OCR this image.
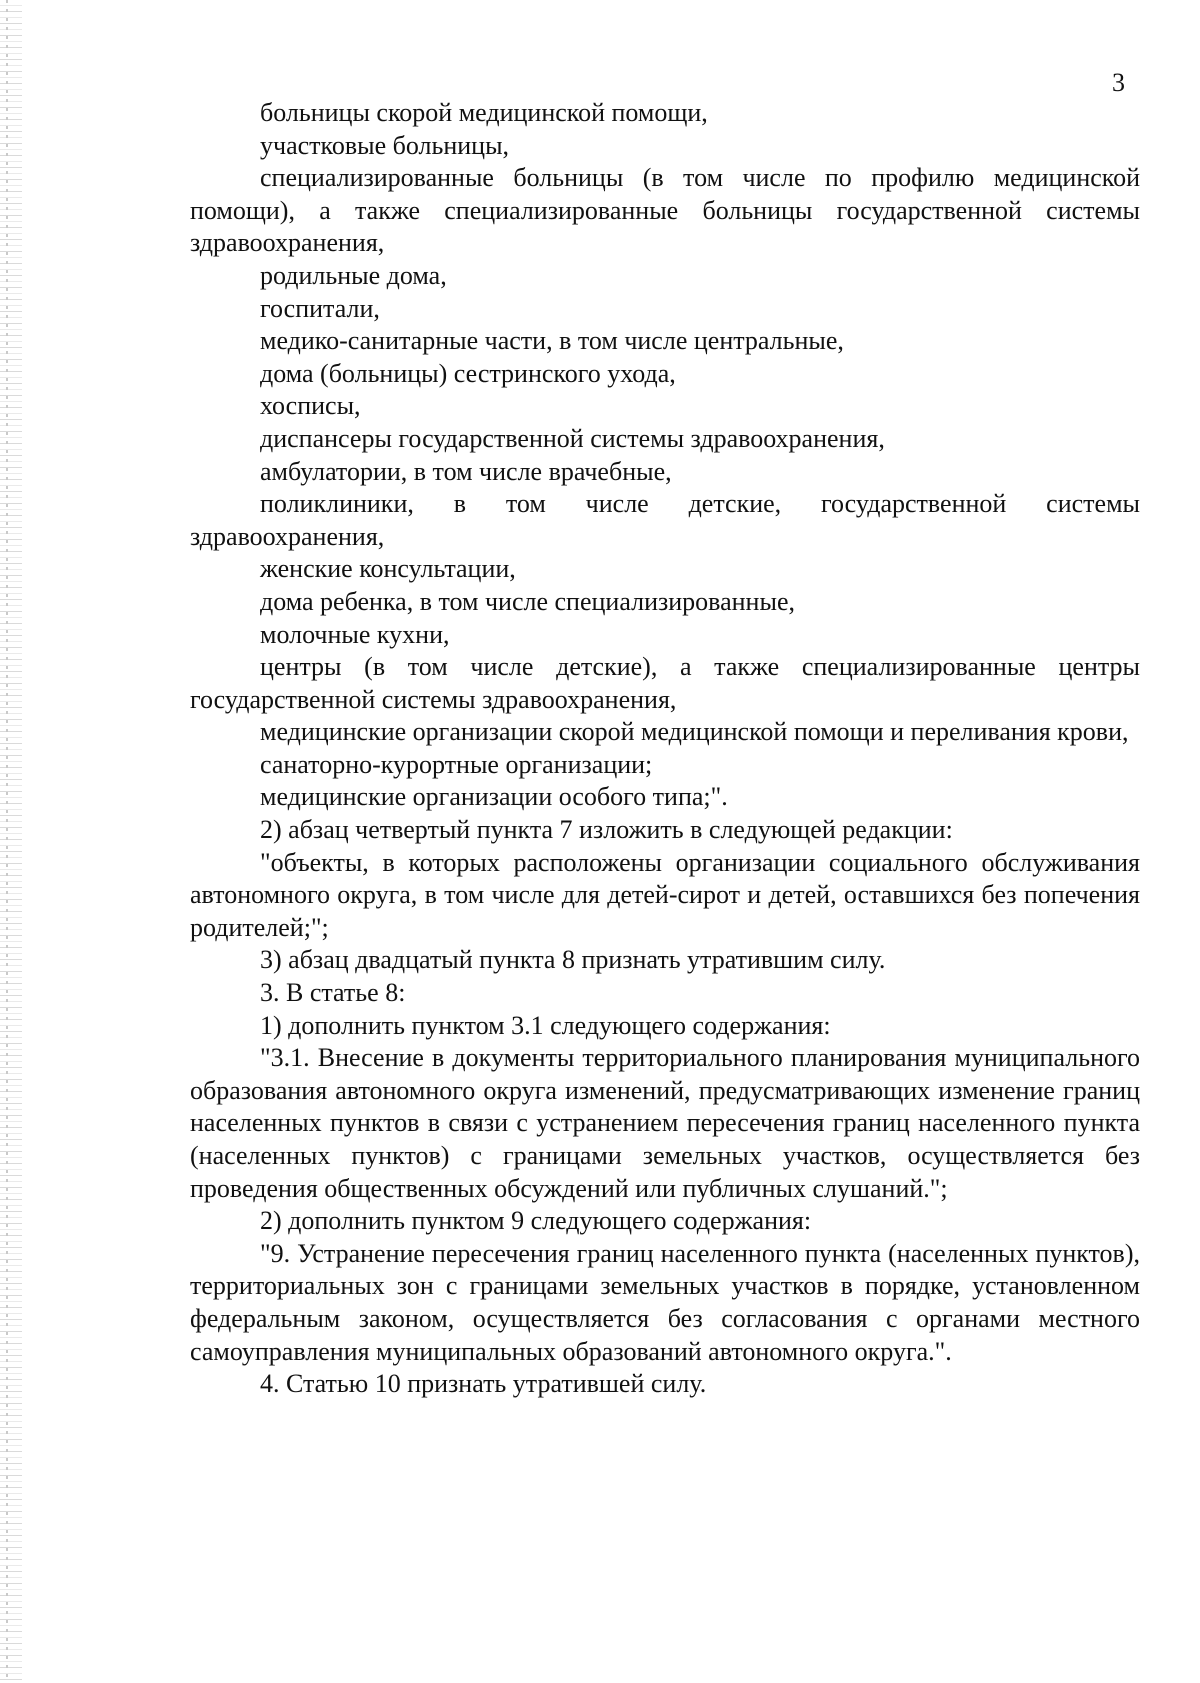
3

больницы скорой медицинской помощи,

участковые больницы,

специализированные больницы (в том числе по профилю медицинской помощи), а также специализированные больницы государственной системы здравоохранения,

родильные дома,

госпитали,

медико-санитарные части, в том числе центральные,

дома (больницы) сестринского ухода,

хосписы,

диспансеры государственной системы здравоохранения,

амбулатории, в том числе врачебные,

поликлиники, в том числе детские, государственной системы здравоохранения,

женские консультации,

дома ребенка, в том числе специализированные,

молочные кухни,

центры (в том числе детские), а также специализированные центры государственной системы здравоохранения,

медицинские организации скорой медицинской помощи и переливания крови,

санаторно-курортные организации;

медицинские организации особого типа;".

2) абзац четвертый пункта 7 изложить в следующей редакции:

"объекты, в которых расположены организации социального обслуживания автономного округа, в том числе для детей-сирот и детей, оставшихся без попечения родителей;";

3) абзац двадцатый пункта 8 признать утратившим силу.

3. В статье 8:

1) дополнить пунктом 3.1 следующего содержания:

"3.1. Внесение в документы территориального планирования муниципального образования автономного округа изменений, предусматривающих изменение границ населенных пунктов в связи с устранением пересечения границ населенного пункта (населенных пунктов) с границами земельных участков, осуществляется без проведения общественных обсуждений или публичных слушаний.";

2) дополнить пунктом 9 следующего содержания:

"9. Устранение пересечения границ населенного пункта (населенных пунктов), территориальных зон с границами земельных участков в порядке, установленном федеральным законом, осуществляется без согласования с органами местного самоуправления муниципальных образований автономного округа.".

4. Статью 10 признать утратившей силу.
